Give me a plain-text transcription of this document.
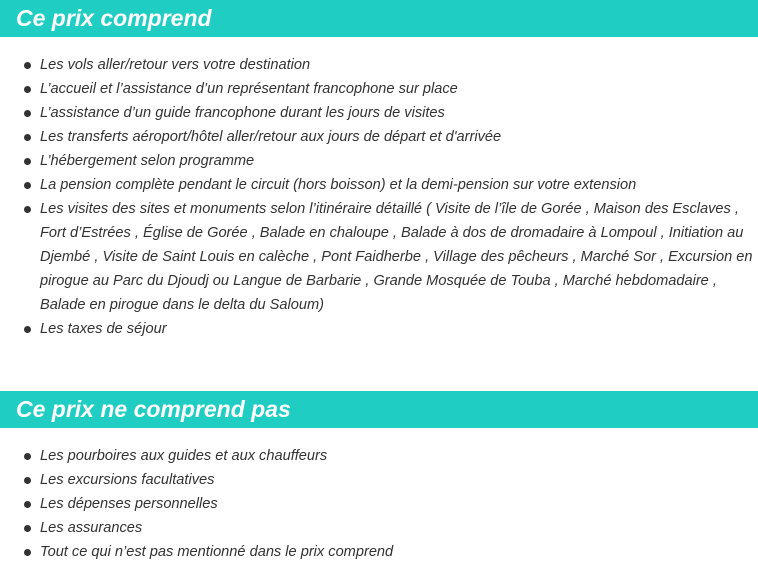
Ce prix comprend
Les vols aller/retour vers votre destination
L’accueil et l’assistance d’un représentant francophone sur place
L’assistance d’un guide francophone durant les jours de visites
Les transferts aéroport/hôtel aller/retour aux jours de départ et d'arrivée
L’hébergement selon programme
La pension complète pendant le circuit (hors boisson) et la demi-pension sur votre extension
Les visites des sites et monuments selon l’itinéraire détaillé ( Visite de l’île de Gorée , Maison des Esclaves , Fort d’Estrées , Église de Gorée , Balade en chaloupe , Balade à dos de dromadaire à Lompoul , Initiation au Djembé , Visite de Saint Louis en calèche , Pont Faidherbe , Village des pêcheurs , Marché Sor , Excursion en pirogue au Parc du Djoudj ou Langue de Barbarie , Grande Mosquée de Touba , Marché hebdomadaire , Balade en pirogue dans le delta du Saloum)
Les taxes de séjour
Ce prix ne comprend pas
Les pourboires aux guides et aux chauffeurs
Les excursions facultatives
Les dépenses personnelles
Les assurances
Tout ce qui n’est pas mentionné dans le prix comprend
